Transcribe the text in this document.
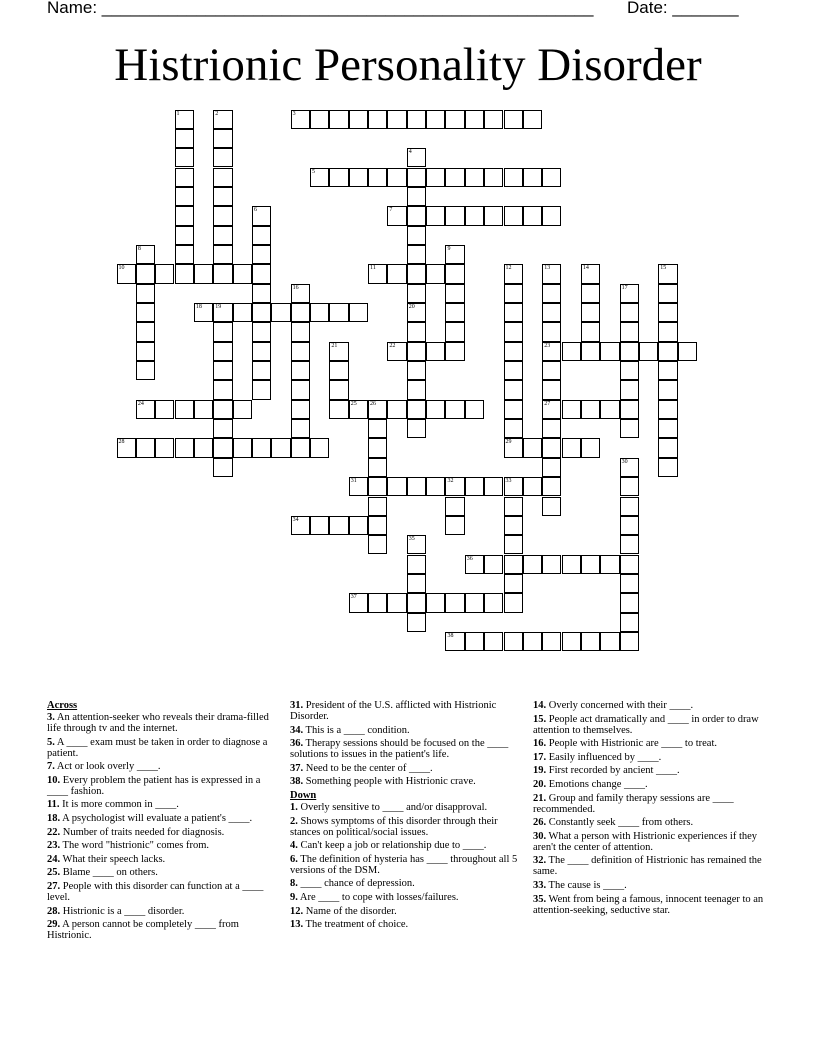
Name: ____________________________________________________ Date: _______
Histrionic Personality Disorder
3
5
7
10	11
18 19
22	23
24	25 26	27
28	29
31	32	33
34
36
37
38
1	2
4
20
6
8	9
12	13	14	15
16	17
21
30
35
Across
3. An attention-seeker who reveals their drama-filled life through tv and the internet.
5. A ____ exam must be taken in order to diagnose a patient.
7. Act or look overly ____.
10. Every problem the patient has is expressed in a ____ fashion.
11. It is more common in ____.
18. A psychologist will evaluate a patient's ____.
22. Number of traits needed for diagnosis.
23. The word "histrionic" comes from.
24. What their speech lacks.
25. Blame ____ on others.
27. People with this disorder can function at a ____ level.
28. Histrionic is a ____ disorder.
29. A person cannot be completely ____ from Histrionic.
31. President of the U.S. afflicted with Histrionic Disorder.
34. This is a ____ condition.
36. Therapy sessions should be focused on the ____ solutions to issues in the patient's life.
37. Need to be the center of ____.
38. Something people with Histrionic crave.
Down
1. Overly sensitive to ____ and/or disapproval.
2. Shows symptoms of this disorder through their stances on political/social issues.
4. Can't keep a job or relationship due to ____.
6. The definition of hysteria has ____ throughout all 5 versions of the DSM.
8. ____ chance of depression.
9. Are ____ to cope with losses/failures.
12. Name of the disorder.
13. The treatment of choice.
14. Overly concerned with their ____.
15. People act dramatically and ____ in order to draw attention to themselves.
16. People with Histrionic are ____ to treat.
17. Easily influenced by ____.
19. First recorded by ancient ____.
20. Emotions change ____.
21. Group and family therapy sessions are ____ recommended.
26. Constantly seek ____ from others.
30. What a person with Histrionic experiences if they aren't the center of attention.
32. The ____ definition of Histrionic has remained the same.
33. The cause is ____.
35. Went from being a famous, innocent teenager to an attention-seeking, seductive star.
